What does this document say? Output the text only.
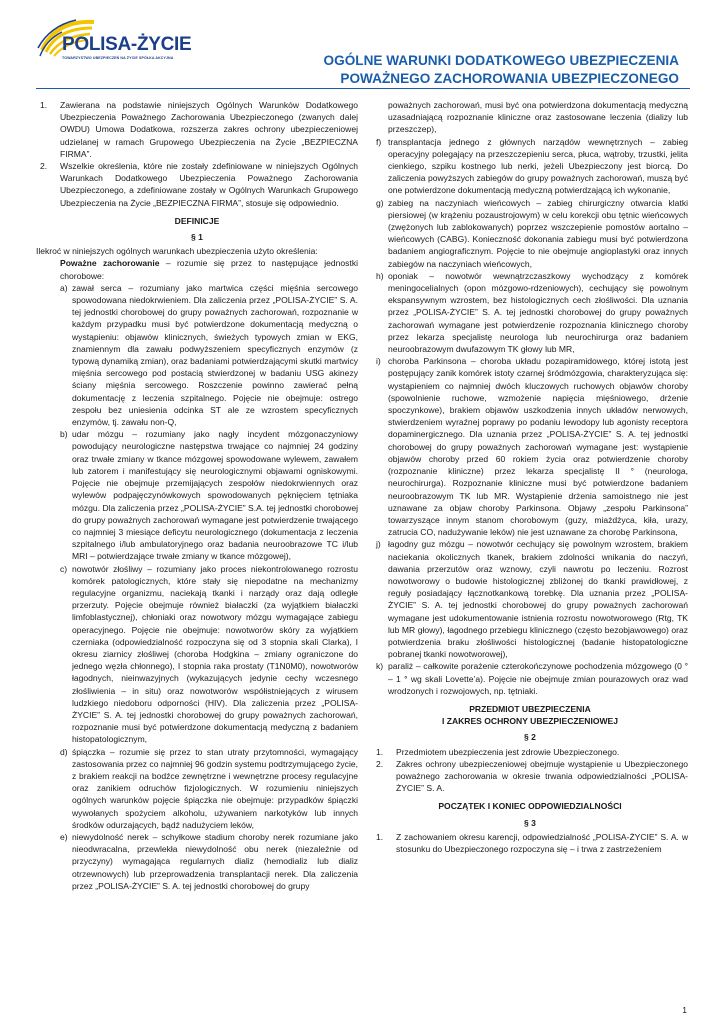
POLISA-ŻYCIE
TOWARZYSTWO UBEZPIECZEŃ NA ŻYCIE SPÓŁKA AKCYJNA	OGÓLNE WARUNKI DODATKOWEGO UBEZPIECZENIA
POWAŻNEGO ZACHOROWANIA UBEZPIECZONEGO
1.	Zawierana na podstawie niniejszych Ogólnych Warunków Dodatkowego Ubezpieczenia Poważnego Zachorowania Ubezpieczonego (zwanych dalej OWDU) Umowa Dodatkowa, rozszerza zakres ochrony ubezpieczeniowej udzielanej w ramach Grupowego Ubezpieczenia na Życie „BEZPIECZNA FIRMA”.
2.	Wszelkie określenia, które nie zostały zdefiniowane w niniejszych Ogólnych Warunkach Dodatkowego Ubezpieczenia Poważnego Zachorowania Ubezpieczonego, a zdefiniowane zostały w Ogólnych Warunkach Grupowego Ubezpieczenia na Życie „BEZPIECZNA FIRMA”, stosuje się odpowiednio.
DEFINICJE
§ 1

Ilekroć w niniejszych ogólnych warunkach ubezpieczenia użyto określenia:

Poważne zachorowanie – rozumie się przez to następujące jednostki chorobowe:

a) zawał serca – rozumiany jako martwica części mięśnia sercowego spowodowana niedokrwieniem. Dla zaliczenia przez „POLISA-ŻYCIE” S. A. tej jednostki chorobowej do grupy poważnych zachorowań, rozpoznanie w każdym przypadku musi być potwierdzone dokumentacją medyczną o wystąpieniu: objawów klinicznych, świeżych typowych zmian w EKG, znamiennym dla zawału podwyższeniem specyficznych enzymów (z typową dynamiką zmian), oraz badaniami potwierdzającymi skutki martwicy mięśnia sercowego pod postacią stwierdzonej w badaniu USG akinezy ściany mięśnia sercowego. Roszczenie powinno zawierać pełną dokumentację z leczenia szpitalnego. Pojęcie nie obejmuje: ostrego zespołu bez uniesienia odcinka ST ale ze wzrostem specyficznych enzymów, tj. zawału non-Q,
b) udar mózgu – rozumiany jako nagły incydent mózgonaczyniowy powodujący neurologiczne następstwa trwające co najmniej 24 godziny oraz trwałe zmiany w tkance mózgowej spowodowane wylewem, zawałem lub zatorem i manifestujący się neurologicznymi objawami ogniskowymi. Pojęcie nie obejmuje przemijających zespołów niedokrwiennych oraz wylewów podpajęczynówkowych spowodowanych pęknięciem tętniaka mózgu. Dla zaliczenia przez „POLISA-ŻYCIE” S.A. tej jednostki chorobowej do grupy poważnych zachorowań wymagane jest potwierdzenie trwającego co najmniej 3 miesiące deficytu neurologicznego (dokumentacja z leczenia szpitalnego i/lub ambulatoryjnego oraz badania neuroobrazowe TC i/lub MRI – potwierdzające trwałe zmiany w tkance mózgowej),
c) nowotwór złośliwy – rozumiany jako proces niekontrolowanego rozrostu komórek patologicznych, które stały się niepodatne na mechanizmy regulacyjne organizmu, naciekają tkanki i narządy oraz dają odległe przerzuty. Pojęcie obejmuje również białaczki (za wyjątkiem białaczki limfoblastycznej), chłoniaki oraz nowotwory mózgu wymagające zabiegu operacyjnego. Pojęcie nie obejmuje: nowotworów skóry za wyjątkiem czerniaka (odpowiedzialność rozpoczyna się od 3 stopnia skali Clarka), I okresu ziarnicy złośliwej (choroba Hodgkina – zmiany ograniczone do jednego węzła chłonnego), I stopnia raka prostaty (T1N0M0), nowotworów łagodnych, nieinwazyjnych (wykazujących jedynie cechy wczesnego złośliwienia – in situ) oraz nowotworów współistniejących z wirusem ludzkiego niedoboru odporności (HIV). Dla zaliczenia przez „POLISA-ŻYCIE” S. A. tej jednostki chorobowej do grupy poważnych zachorowań, rozpoznanie musi być potwierdzone dokumentacją medyczną z badaniem histopatologicznym,
d) śpiączka – rozumie się przez to stan utraty przytomności, wymagający zastosowania przez co najmniej 96 godzin systemu podtrzymującego życie, z brakiem reakcji na bodźce zewnętrzne i wewnętrzne procesy regulacyjne oraz zanikiem odruchów fizjologicznych. W rozumieniu niniejszych ogólnych warunków pojęcie śpiączka nie obejmuje: przypadków śpiączki wywołanych spożyciem alkoholu, używaniem narkotyków lub innych środków odurzających, bądź nadużyciem leków,
e) niewydolność nerek – schyłkowe stadium choroby nerek rozumiane jako nieodwracalna, przewlekła niewydolność obu nerek (niezależnie od przyczyny) wymagająca regularnych dializ (hemodializ lub dializ otrzewnowych) lub przeprowadzenia transplantacji nerek. Dla zaliczenia przez „POLISA-ŻYCIE” S. A. tej jednostki chorobowej do grupy
poważnych zachorowań, musi być ona potwierdzona dokumentacją medyczną uzasadniającą rozpoznanie kliniczne oraz zastosowane leczenia (dializy lub przeszczep),
f) transplantacja jednego z głównych narządów wewnętrznych – zabieg operacyjny polegający na przeszczepieniu serca, płuca, wątroby, trzustki, jelita cienkiego, szpiku kostnego lub nerki, jeżeli Ubezpieczony jest biorcą. Do zaliczenia powyższych zabiegów do grupy poważnych zachorowań, muszą być one potwierdzone dokumentacją medyczną potwierdzającą ich wykonanie,
g) zabieg na naczyniach wieńcowych – zabieg chirurgiczny otwarcia klatki piersiowej (w krążeniu pozaustrojowym) w celu korekcji obu tętnic wieńcowych (zwężonych lub zablokowanych) poprzez wszczepienie pomostów aortalno – wieńcowych (CABG). Konieczność dokonania zabiegu musi być potwierdzona badaniem angiograficznym. Pojęcie to nie obejmuje angioplastyki oraz innych zabiegów na naczyniach wieńcowych,
h) oponiak – nowotwór wewnątrzczaszkowy wychodzący z komórek meningocelialnych (opon mózgowo-rdzeniowych), cechujący się powolnym ekspansywnym wzrostem, bez histologicznych cech złośliwości. Dla uznania przez „POLISA-ŻYCIE” S. A. tej jednostki chorobowej do grupy poważnych zachorowań wymagane jest potwierdzenie rozpoznania klinicznego choroby przez lekarza specjalistę neurologa lub neurochirurga oraz badaniem neuroobrazowym dwufazowym TK głowy lub MR,
i) choroba Parkinsona – choroba układu pozapiramidowego, której istotą jest postępujący zanik komórek istoty czarnej śródmózgowia, charakteryzująca się: wystąpieniem co najmniej dwóch kluczowych ruchowych objawów choroby (spowolnienie ruchowe, wzmożenie napięcia mięśniowego, drżenie spoczynkowe), brakiem objawów uszkodzenia innych układów nerwowych, stwierdzeniem wyraźnej poprawy po podaniu lewodopy lub agonisty receptora dopaminergicznego. Dla uznania przez „POLISA-ŻYCIE” S. A. tej jednostki chorobowej do grupy poważnych zachorowań wymagane jest: wystąpienie objawów choroby przed 60 rokiem życia oraz potwierdzenie choroby (rozpoznanie kliniczne) przez lekarza specjalistę II ° (neurologa, neurochirurga). Rozpoznanie kliniczne musi być potwierdzone badaniem neuroobrazowym TK lub MR. Wystąpienie drżenia samoistnego nie jest uznawane za objaw choroby Parkinsona. Objawy „zespołu Parkinsona” towarzyszące innym stanom chorobowym (guzy, miażdżyca, kiła, urazy, zatrucia CO, nadużywanie leków) nie jest uznawane za chorobę Parkinsona,
j) łagodny guz mózgu – nowotwór cechujący się powolnym wzrostem, brakiem naciekania okolicznych tkanek, brakiem zdolności wnikania do naczyń, dawania przerzutów oraz wznowy, czyli nawrotu po leczeniu. Rozrost nowotworowy o budowie histologicznej zbliżonej do tkanki prawidłowej, z reguły posiadający łącznotkankową torebkę. Dla uznania przez „POLISA-ŻYCIE” S. A. tej jednostki chorobowej do grupy poważnych zachorowań wymagane jest udokumentowanie istnienia rozrostu nowotworowego (Rtg, TK lub MR głowy), łagodnego przebiegu klinicznego (często bezobjawowego) oraz potwierdzenia braku złośliwości histologicznej (badanie histopatologiczne pobranej tkanki nowotworowej),
k) paraliż – całkowite porażenie czterokończynowe pochodzenia mózgowego (0 ° – 1 ° wg skali Lovette’a). Pojęcie nie obejmuje zmian pourazowych oraz wad wrodzonych i rozwojowych, np. tętniaki.
PRZEDMIOT UBEZPIECZENIA
I ZAKRES OCHRONY UBEZPIECZENIOWEJ
§ 2
1.	Przedmiotem ubezpieczenia jest zdrowie Ubezpieczonego.
2.	Zakres ochrony ubezpieczeniowej obejmuje wystąpienie u Ubezpieczonego poważnego zachorowania w okresie trwania odpowiedzialności „POLISA-ŻYCIE” S. A.
POCZĄTEK I KONIEC ODPOWIEDZIALNOŚCI
§ 3
1.	Z zachowaniem okresu karencji, odpowiedzialność „POLISA-ŻYCIE” S. A. w stosunku do Ubezpieczonego rozpoczyna się – i trwa z zastrzeżeniem
1
